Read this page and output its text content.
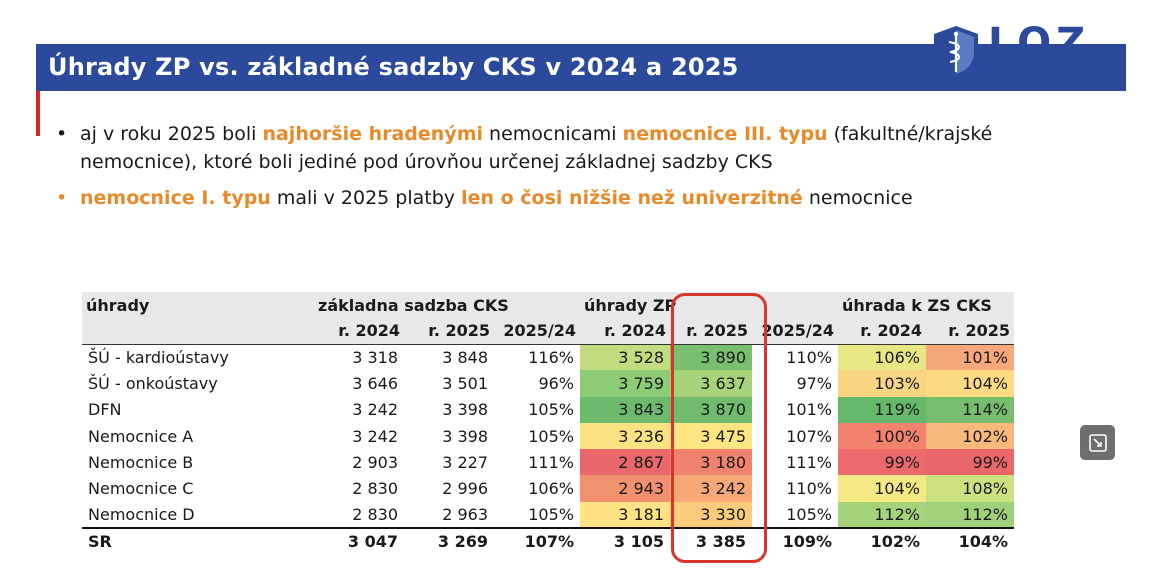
Úhrady ZP vs. základné sadzby CKS v 2024 a 2025
LOZ
LEKÁRSKE ODBOROVÉ ZDRUŽENIE
• aj v roku 2025 boli najhoršie hradenými nemocnicami nemocnice III. typu (fakultné/krajské nemocnice), ktoré boli jediné pod úrovňou určenej základnej sadzby CKS
• nemocnice I. typu mali v 2025 platby len o čosi nižšie než univerzitné nemocnice
úhrady	základna sadzba CKS			úhrady ZP			úhrada k ZS CKS	
	r. 2024	r. 2025	2025/24	r. 2024	r. 2025	2025/24	r. 2024	r. 2025
ŠÚ - kardioústavy	3 318	3 848	116%	3 528	3 890	110%	106%	101%
ŠÚ - onkoústavy	3 646	3 501	96%	3 759	3 637	97%	103%	104%
DFN	3 242	3 398	105%	3 843	3 870	101%	119%	114%
Nemocnice A	3 242	3 398	105%	3 236	3 475	107%	100%	102%
Nemocnice B	2 903	3 227	111%	2 867	3 180	111%	99%	99%
Nemocnice C	2 830	2 996	106%	2 943	3 242	110%	104%	108%
Nemocnice D	2 830	2 963	105%	3 181	3 330	105%	112%	112%
SR	3 047	3 269	107%	3 105	3 385	109%	102%	104%
